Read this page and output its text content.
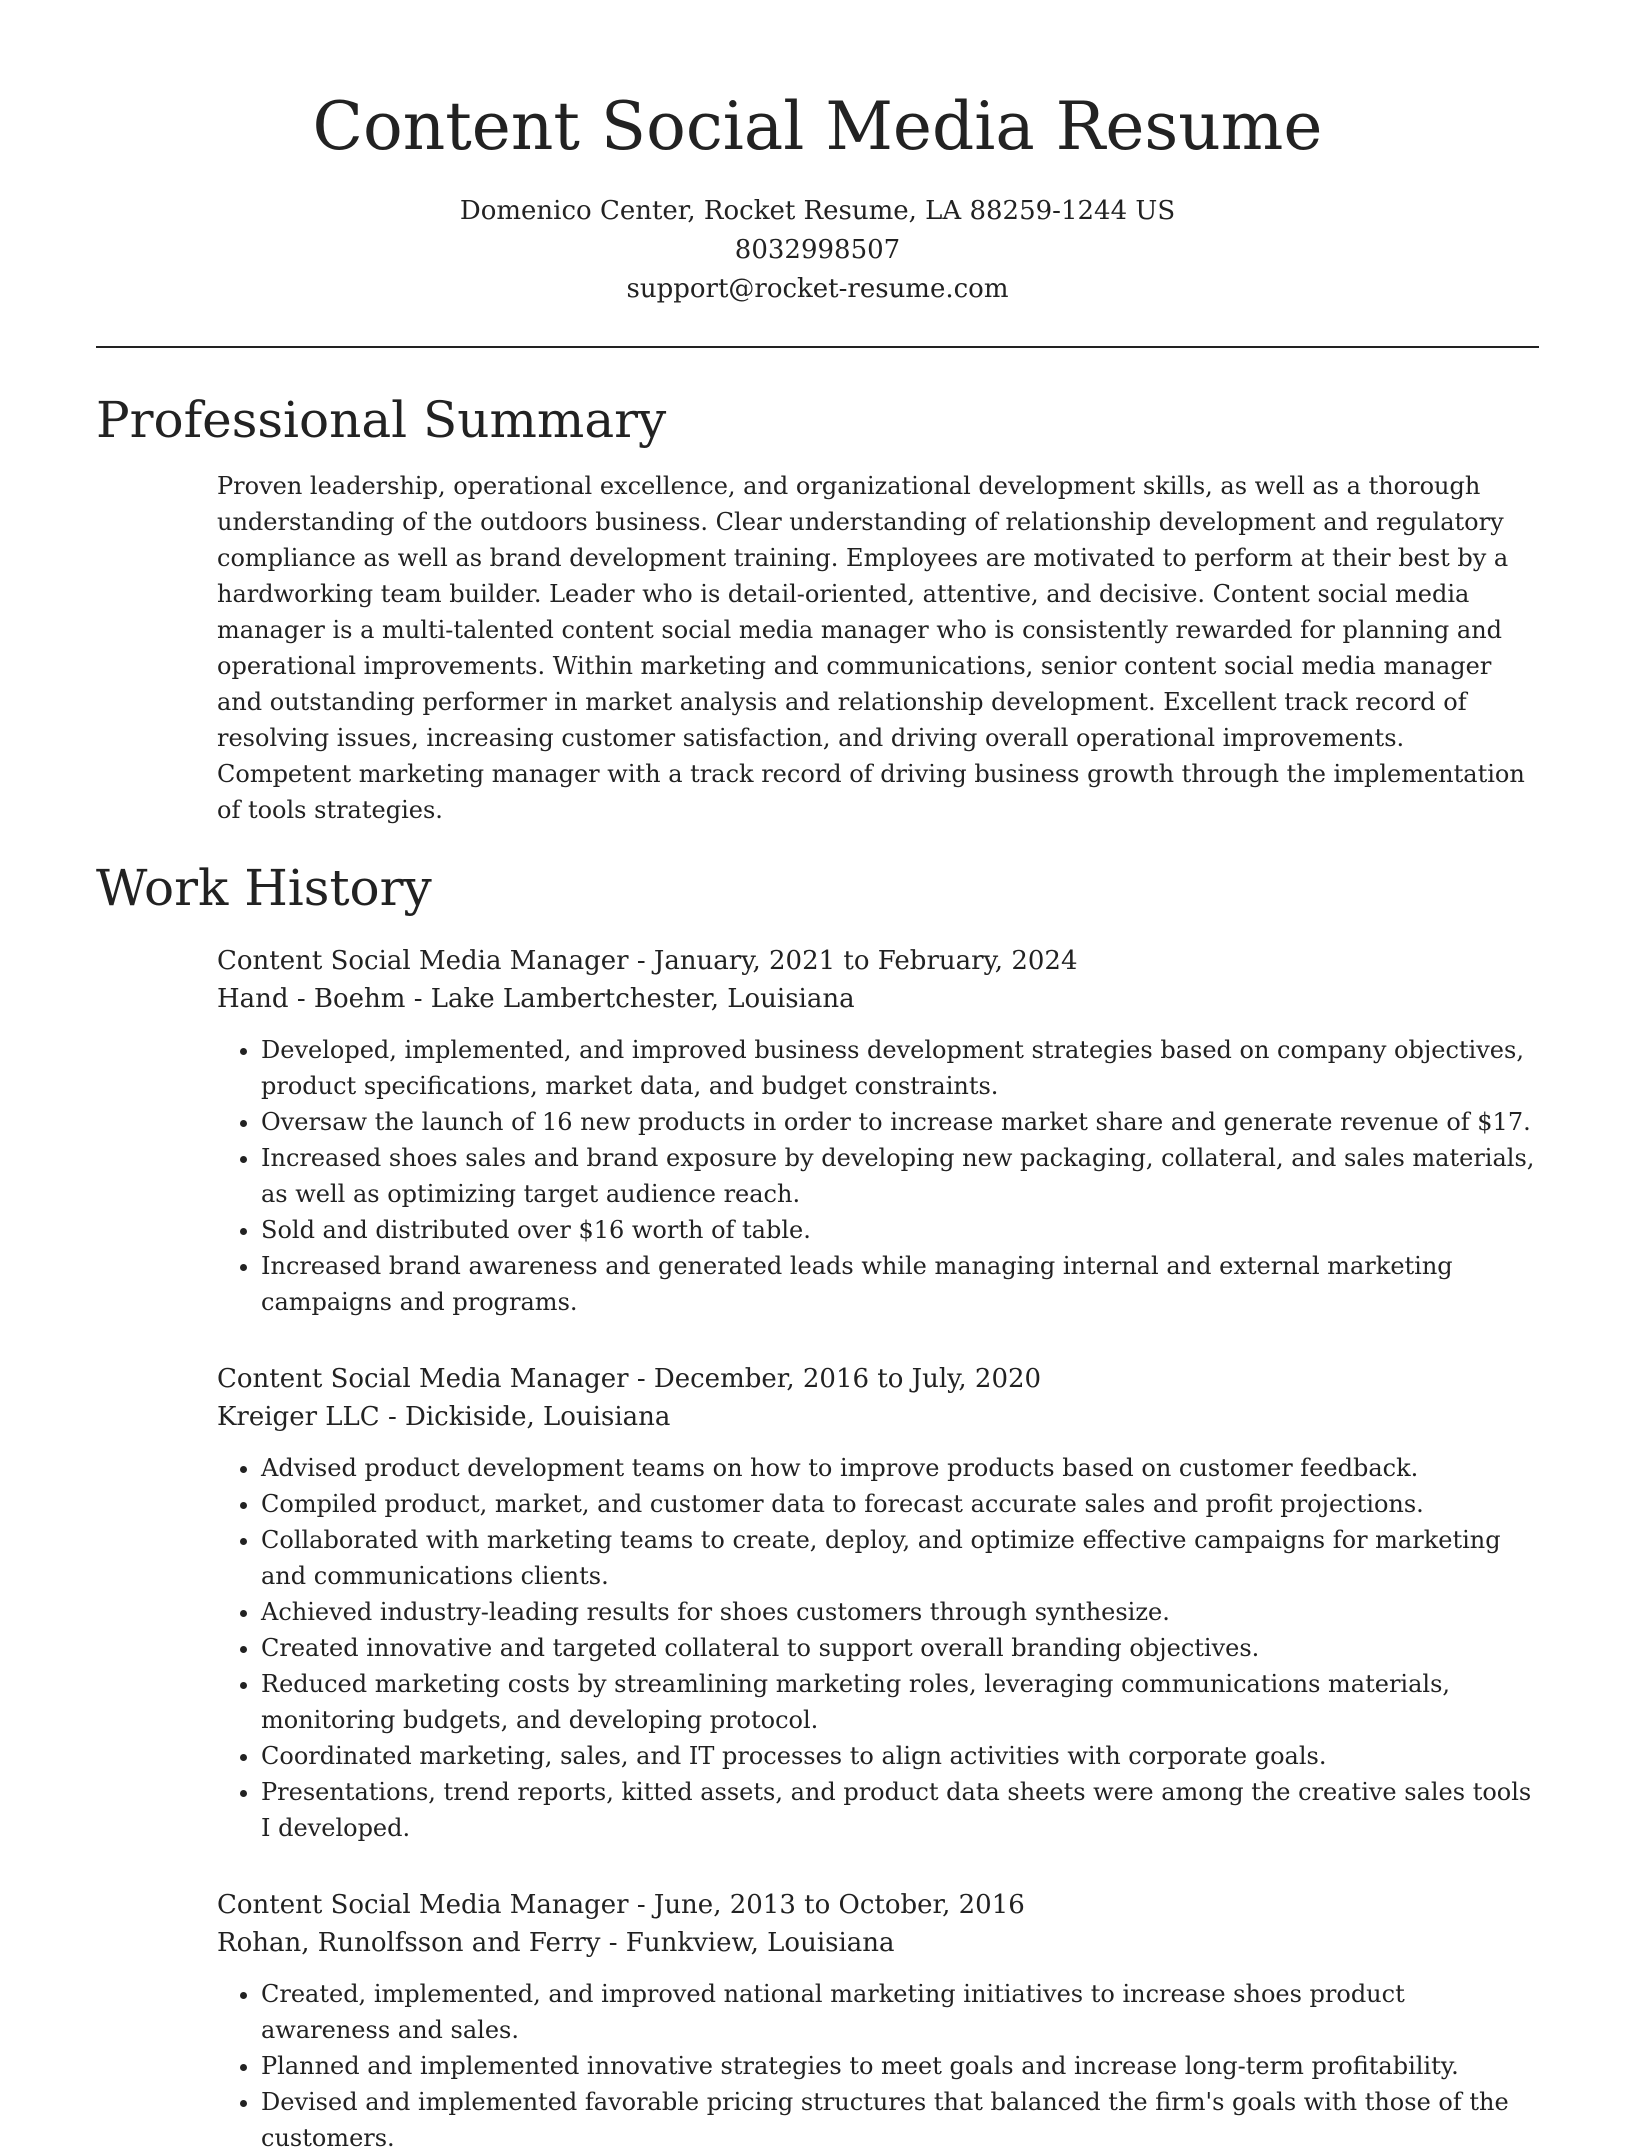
Content Social Media Resume
Domenico Center, Rocket Resume, LA 88259-1244 US
8032998507
support@rocket-resume.com
Professional Summary

Proven leadership, operational excellence, and organizational development skills, as well as a thorough understanding of the outdoors business. Clear understanding of relationship development and regulatory compliance as well as brand development training. Employees are motivated to perform at their best by a hardworking team builder. Leader who is detail-oriented, attentive, and decisive. Content social media manager is a multi-talented content social media manager who is consistently rewarded for planning and operational improvements. Within marketing and communications, senior content social media manager and outstanding performer in market analysis and relationship development. Excellent track record of resolving issues, increasing customer satisfaction, and driving overall operational improvements. Competent marketing manager with a track record of driving business growth through the implementation of tools strategies.

Work History
Content Social Media Manager - January, 2021 to February, 2024
Hand - Boehm - Lake Lambertchester, Louisiana
• Developed, implemented, and improved business development strategies based on company objectives, product specifications, market data, and budget constraints.
• Oversaw the launch of 16 new products in order to increase market share and generate revenue of $17.
• Increased shoes sales and brand exposure by developing new packaging, collateral, and sales materials, as well as optimizing target audience reach.
• Sold and distributed over $16 worth of table.
• Increased brand awareness and generated leads while managing internal and external marketing campaigns and programs.
Content Social Media Manager - December, 2016 to July, 2020
Kreiger LLC - Dickiside, Louisiana
• Advised product development teams on how to improve products based on customer feedback.
• Compiled product, market, and customer data to forecast accurate sales and profit projections.
• Collaborated with marketing teams to create, deploy, and optimize effective campaigns for marketing and communications clients.
• Achieved industry-leading results for shoes customers through synthesize.
• Created innovative and targeted collateral to support overall branding objectives.
• Reduced marketing costs by streamlining marketing roles, leveraging communications materials, monitoring budgets, and developing protocol.
• Coordinated marketing, sales, and IT processes to align activities with corporate goals.
• Presentations, trend reports, kitted assets, and product data sheets were among the creative sales tools I developed.
Content Social Media Manager - June, 2013 to October, 2016
Rohan, Runolfsson and Ferry - Funkview, Louisiana
• Created, implemented, and improved national marketing initiatives to increase shoes product awareness and sales.
• Planned and implemented innovative strategies to meet goals and increase long-term profitability.
• Devised and implemented favorable pricing structures that balanced the firm's goals with those of the customers.
